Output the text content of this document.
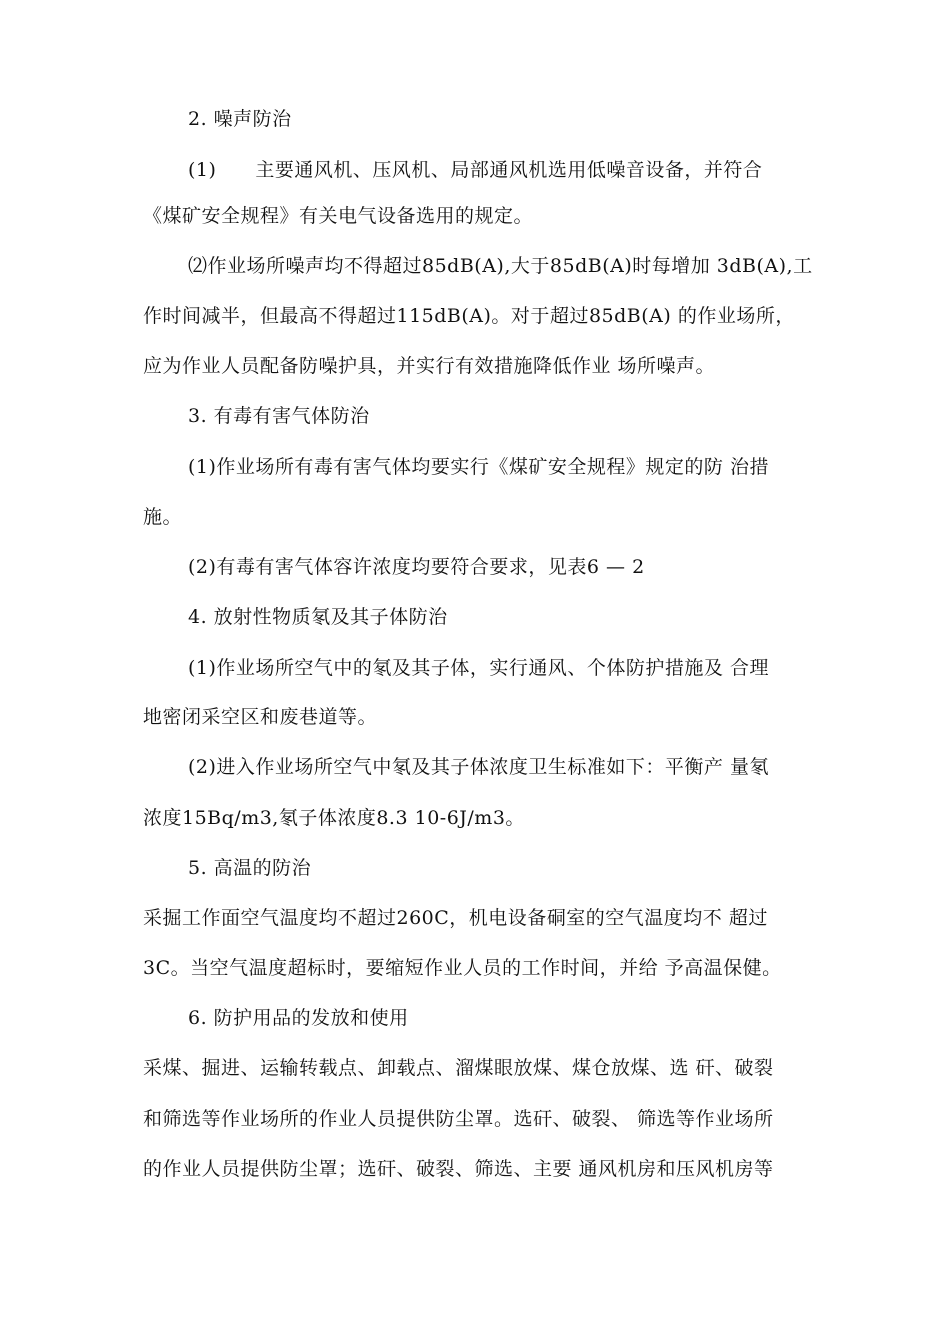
2. 噪声防治
(1)　　主要通风机、压风机、局部通风机选用低噪音设备，并符合
《煤矿安全规程》有关电气设备选用的规定。
⑵作业场所噪声均不得超过85dB(A),大于85dB(A)时每增加 3dB(A),工
作时间减半，但最高不得超过115dB(A)。对于超过85dB(A) 的作业场所，
应为作业人员配备防噪护具，并实行有效措施降低作业 场所噪声。
3. 有毒有害气体防治
(1)作业场所有毒有害气体均要实行《煤矿安全规程》规定的防 治措
施。
(2)有毒有害气体容许浓度均要符合要求，见表6 — 2
4. 放射性物质氡及其子体防治
(1)作业场所空气中的氡及其子体，实行通风、个体防护措施及 合理
地密闭采空区和废巷道等。
(2)进入作业场所空气中氡及其子体浓度卫生标准如下：平衡产 量氡
浓度15Bq/m3,氡子体浓度8.3 10-6J/m3。
5. 高温的防治
采掘工作面空气温度均不超过260C，机电设备硐室的空气温度均不 超过
3C。当空气温度超标时，要缩短作业人员的工作时间，并给 予高温保健。
6. 防护用品的发放和使用
采煤、掘进、运输转载点、卸载点、溜煤眼放煤、煤仓放煤、选 矸、破裂
和筛选等作业场所的作业人员提供防尘罩。选矸、破裂、 筛选等作业场所
的作业人员提供防尘罩；选矸、破裂、筛选、主要 通风机房和压风机房等
